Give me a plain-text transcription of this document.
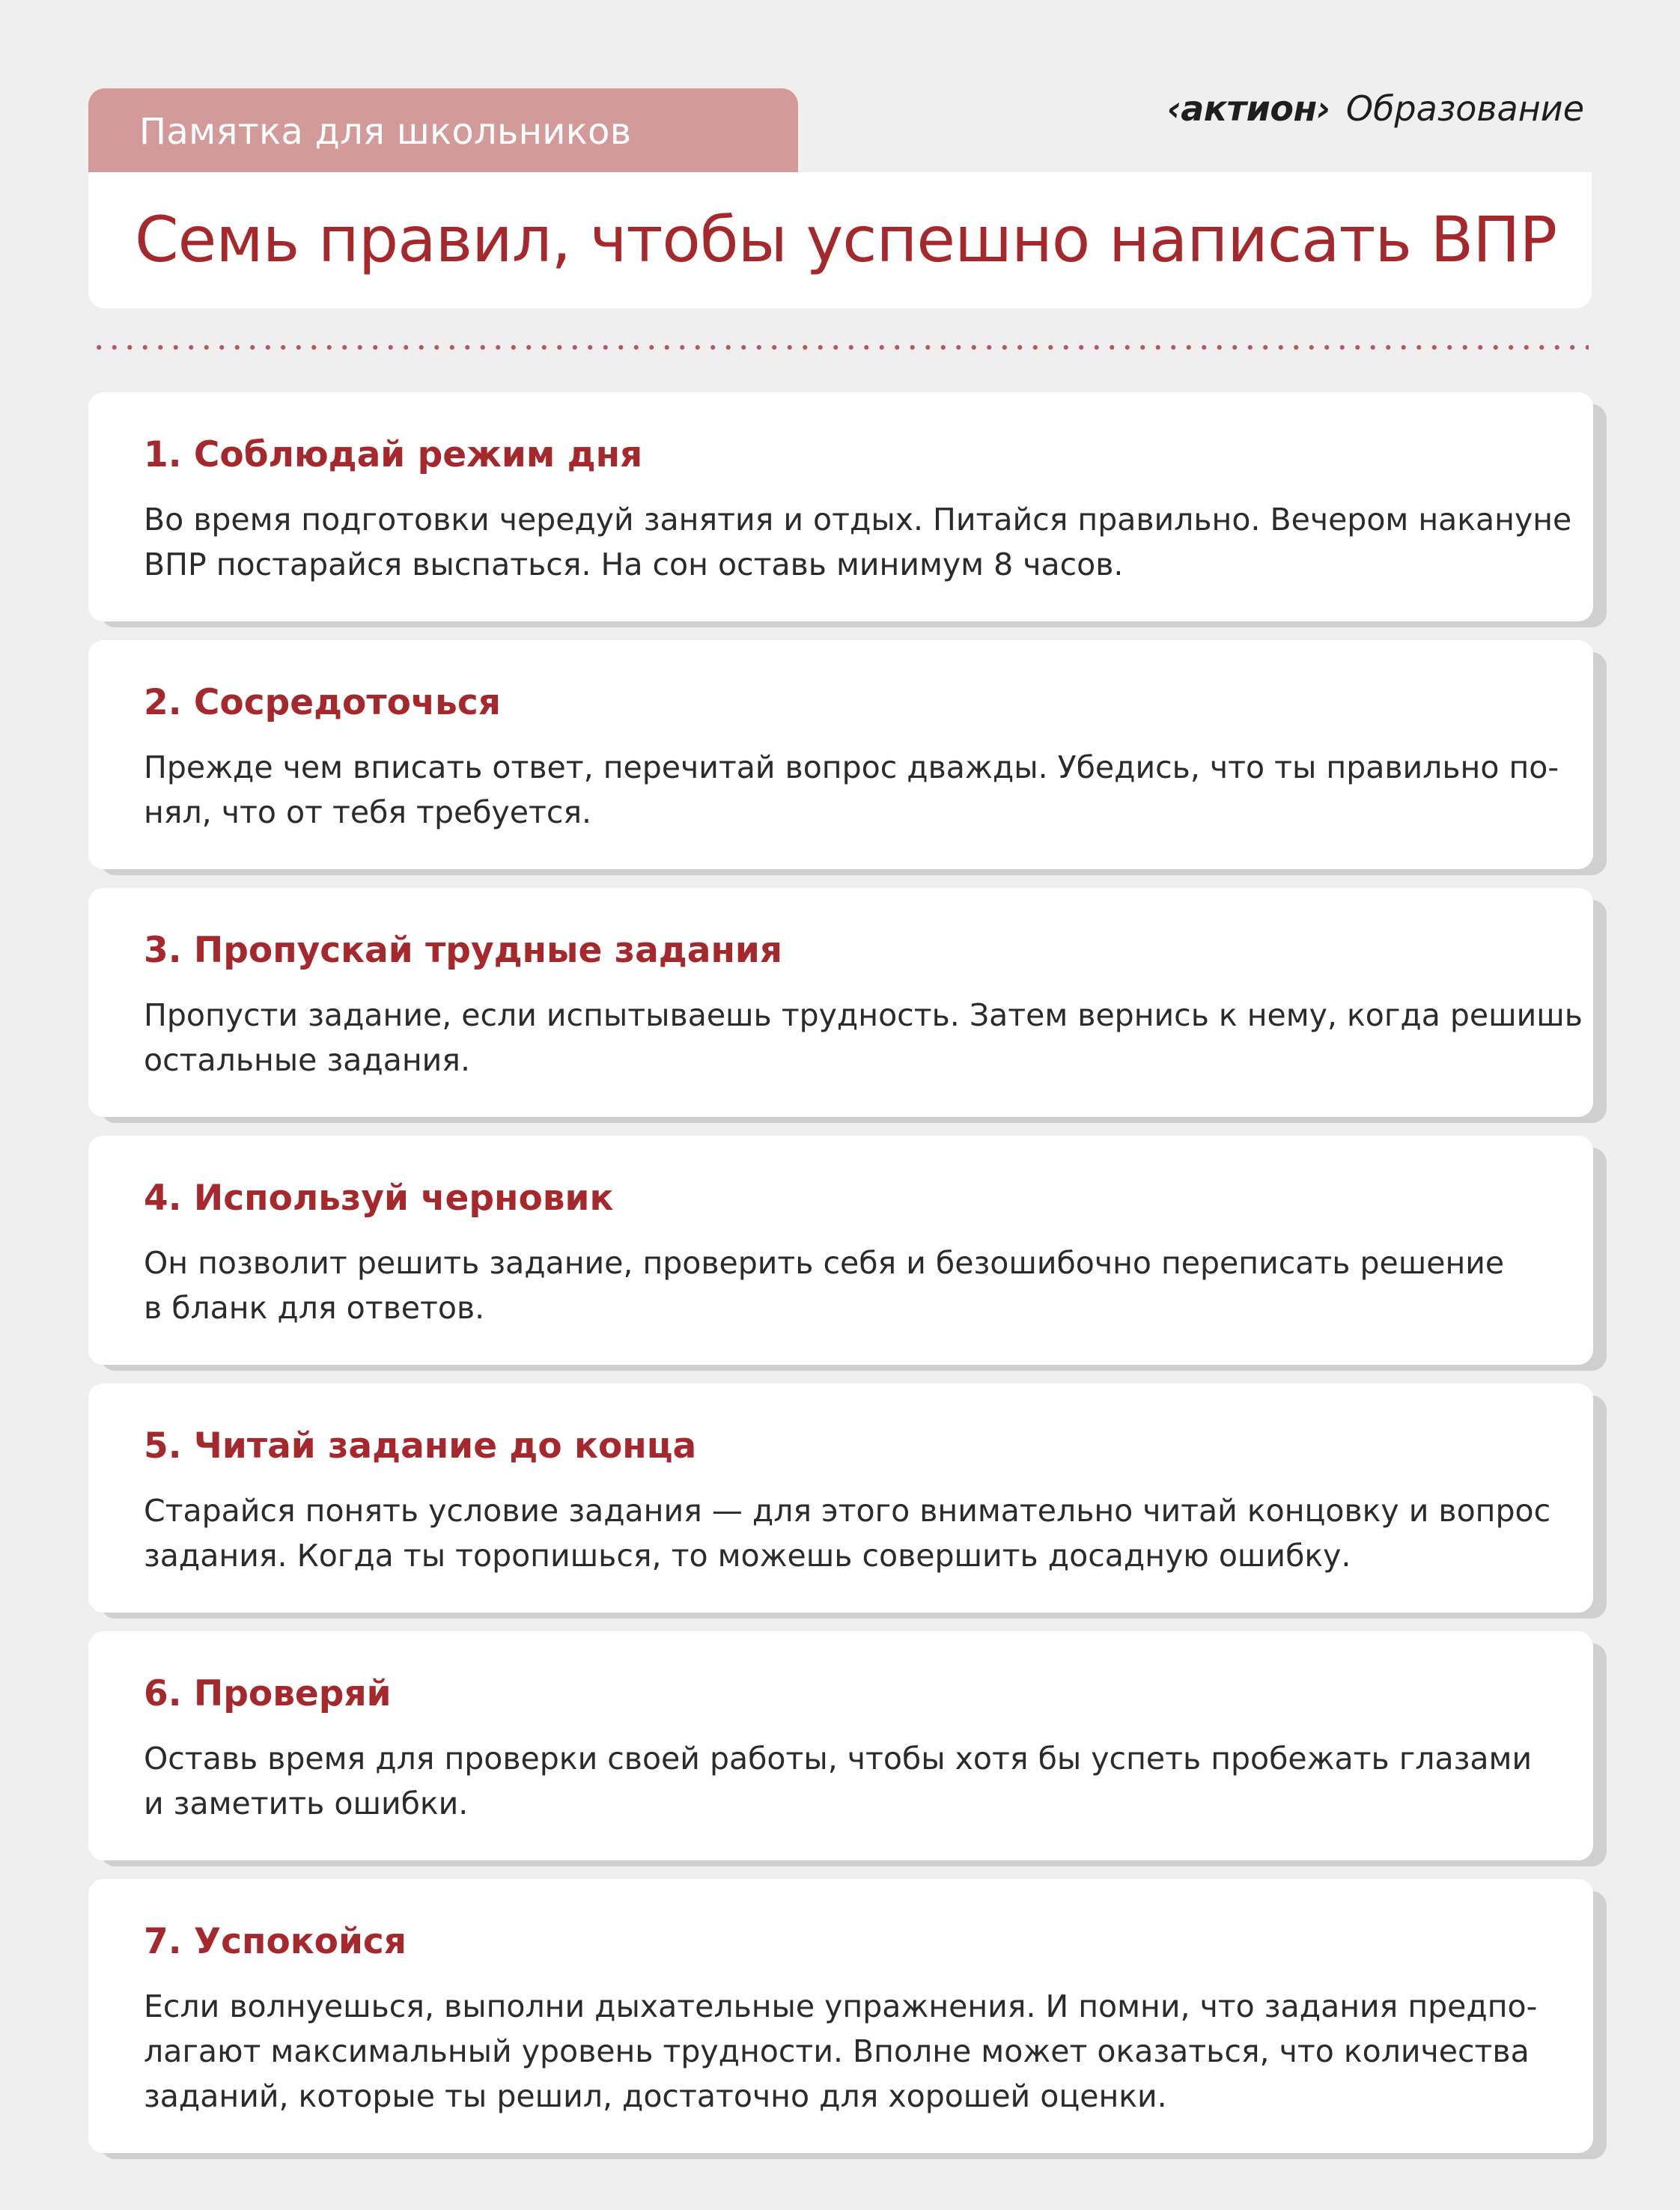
Памятка для школьников
‹актион› Образование
Семь правил, чтобы успешно написать ВПР
1. Соблюдай режим дня

Во время подготовки чередуй занятия и отдых. Питайся правильно. Вечером накануне
ВПР постарайся выспаться. На сон оставь минимум 8 часов.

2. Сосредоточься

Прежде чем вписать ответ, перечитай вопрос дважды. Убедись, что ты правильно по-
нял, что от тебя требуется.

3. Пропускай трудные задания

Пропусти задание, если испытываешь трудность. Затем вернись к нему, когда решишь
остальные задания.

4. Используй черновик

Он позволит решить задание, проверить себя и безошибочно переписать решение
в бланк для ответов.

5. Читай задание до конца

Старайся понять условие задания — для этого внимательно читай концовку и вопрос
задания. Когда ты торопишься, то можешь совершить досадную ошибку.

6. Проверяй

Оставь время для проверки своей работы, чтобы хотя бы успеть пробежать глазами
и заметить ошибки.

7. Успокойся

Если волнуешься, выполни дыхательные упражнения. И помни, что задания предпо-
лагают максимальный уровень трудности. Вполне может оказаться, что количества
заданий, которые ты решил, достаточно для хорошей оценки.
